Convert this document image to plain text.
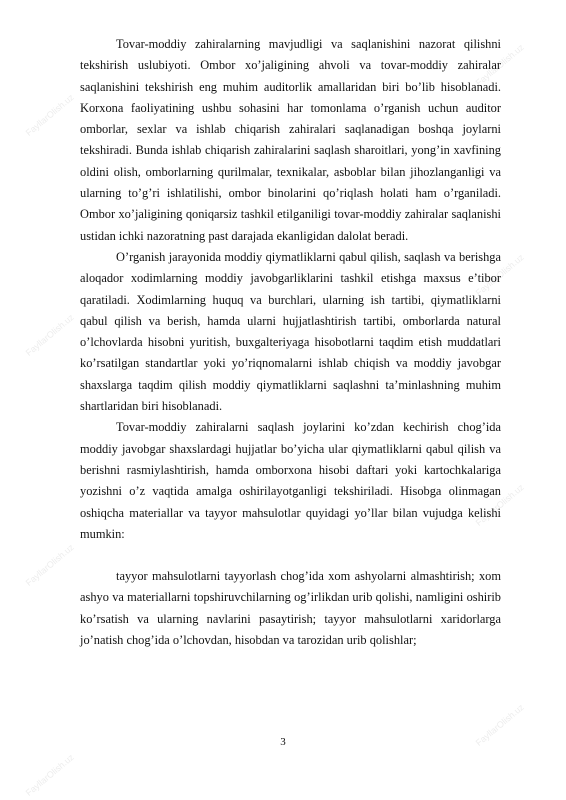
FayllarOlish.uz
FayllarOlish.uz
FayllarOlish.uz
FayllarOlish.uz
FayllarOlish.uz
FayllarOlish.uz
FayllarOlish.uz
FayllarOlish.uz

Tovar-moddiy zahiralarning mavjudligi va saqlanishini nazorat qilishni tekshirish uslubiyoti. Ombor xo’jaligining ahvoli va tovar-moddiy zahiralar saqlanishini tekshirish eng muhim auditorlik amallaridan biri bo’lib hisoblanadi. Korxona faoliyatining ushbu sohasini har tomonlama o’rganish uchun auditor omborlar, sexlar va ishlab chiqarish zahiralari saqlanadigan boshqa joylarni tekshiradi. Bunda ishlab chiqarish zahiralarini saqlash sharoitlari, yong’in xavfining oldini olish, omborlarning qurilmalar, texnikalar, asboblar bilan jihozlanganligi va ularning to’g’ri ishlatilishi, ombor binolarini qo’riqlash holati ham o’rganiladi. Ombor xo’jaligining qoniqarsiz tashkil etilganiligi tovar-moddiy zahiralar saqlanishi ustidan ichki nazoratning past darajada ekanligidan dalolat beradi.

O’rganish jarayonida moddiy qiymatliklarni qabul qilish, saqlash va berishga aloqador xodimlarning moddiy javobgarliklarini tashkil etishga maxsus e’tibor qaratiladi. Xodimlarning huquq va burchlari, ularning ish tartibi, qiymatliklarni qabul qilish va berish, hamda ularni hujjatlashtirish tartibi, omborlarda natural o’lchovlarda hisobni yuritish, buxgalteriyaga hisobotlarni taqdim etish muddatlari ko’rsatilgan standartlar yoki yo’riqnomalarni ishlab chiqish va moddiy javobgar shaxslarga taqdim qilish moddiy qiymatliklarni saqlashni ta’minlashning muhim shartlaridan biri hisoblanadi.

Tovar-moddiy zahiralarni saqlash joylarini ko’zdan kechirish chog’ida moddiy javobgar shaxslardagi hujjatlar bo’yicha ular qiymatliklarni qabul qilish va berishni rasmiylashtirish, hamda omborxona hisobi daftari yoki kartochkalariga yozishni o’z vaqtida amalga oshirilayotganligi tekshiriladi. Hisobga olinmagan oshiqcha materiallar va tayyor mahsulotlar quyidagi yo’llar bilan vujudga kelishi mumkin:

tayyor mahsulotlarni tayyorlash chog’ida xom ashyolarni almashtirish; xom ashyo va materiallarni topshiruvchilarning og’irlikdan urib qolishi, namligini oshirib ko’rsatish va ularning navlarini pasaytirish; tayyor mahsulotlarni xaridorlarga jo’natish chog’ida o’lchovdan, hisobdan va tarozidan urib qolishlar;

3
